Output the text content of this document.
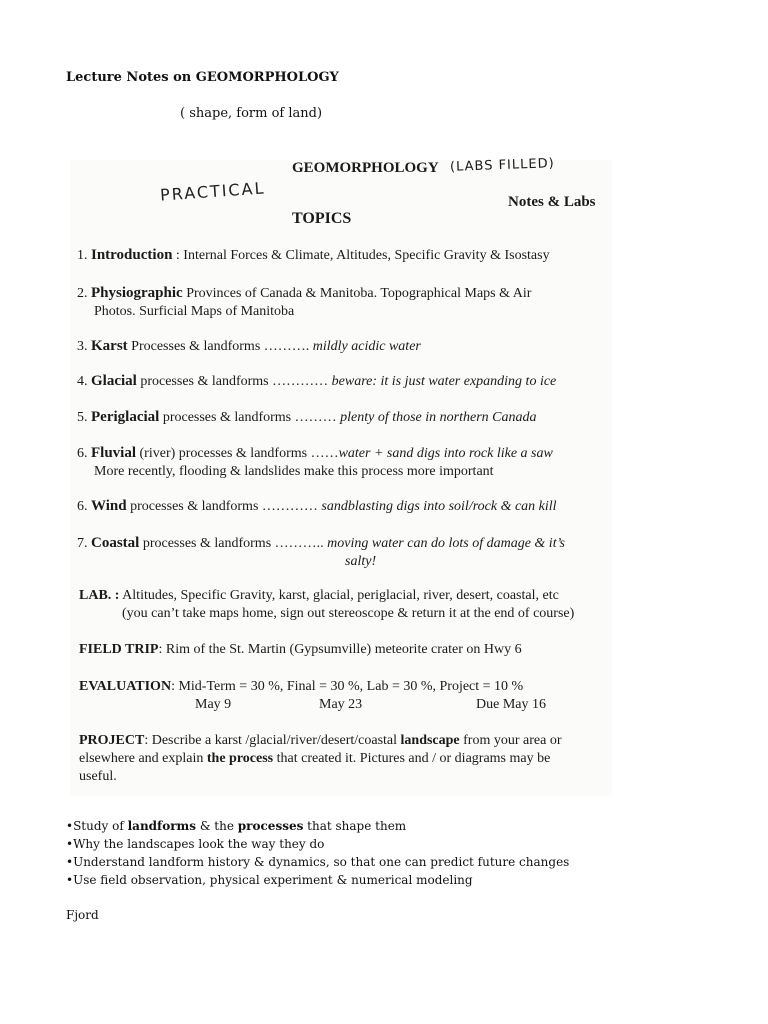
Lecture Notes on GEOMORPHOLOGY
( shape, form of land)
GEOMORPHOLOGY (LABS FILLED)
PRACTICAL	Notes & Labs
TOPICS
1. Introduction : Internal Forces & Climate, Altitudes, Specific Gravity & Isostasy
2. Physiographic Provinces of Canada & Manitoba. Topographical Maps & Air
Photos. Surficial Maps of Manitoba
3. Karst Processes & landforms ………. mildly acidic water
4. Glacial processes & landforms ………… beware: it is just water expanding to ice
5. Periglacial processes & landforms ……… plenty of those in northern Canada
6. Fluvial (river) processes & landforms ……water + sand digs into rock like a saw
More recently, flooding & landslides make this process more important
6. Wind processes & landforms ………… sandblasting digs into soil/rock & can kill
7. Coastal processes & landforms ……….. moving water can do lots of damage & it’s
salty!
LAB. : Altitudes, Specific Gravity, karst, glacial, periglacial, river, desert, coastal, etc
(you can’t take maps home, sign out stereoscope & return it at the end of course)
FIELD TRIP: Rim of the St. Martin (Gypsumville) meteorite crater on Hwy 6
EVALUATION: Mid-Term = 30 %, Final = 30 %, Lab = 30 %, Project = 10 %
May 9	May 23	Due May 16
PROJECT: Describe a karst /glacial/river/desert/coastal landscape from your area or
elsewhere and explain the process that created it. Pictures and / or diagrams may be
useful.
•Study of landforms & the processes that shape them
•Why the landscapes look the way they do
•Understand landform history & dynamics, so that one can predict future changes
•Use field observation, physical experiment & numerical modeling
Fjord
